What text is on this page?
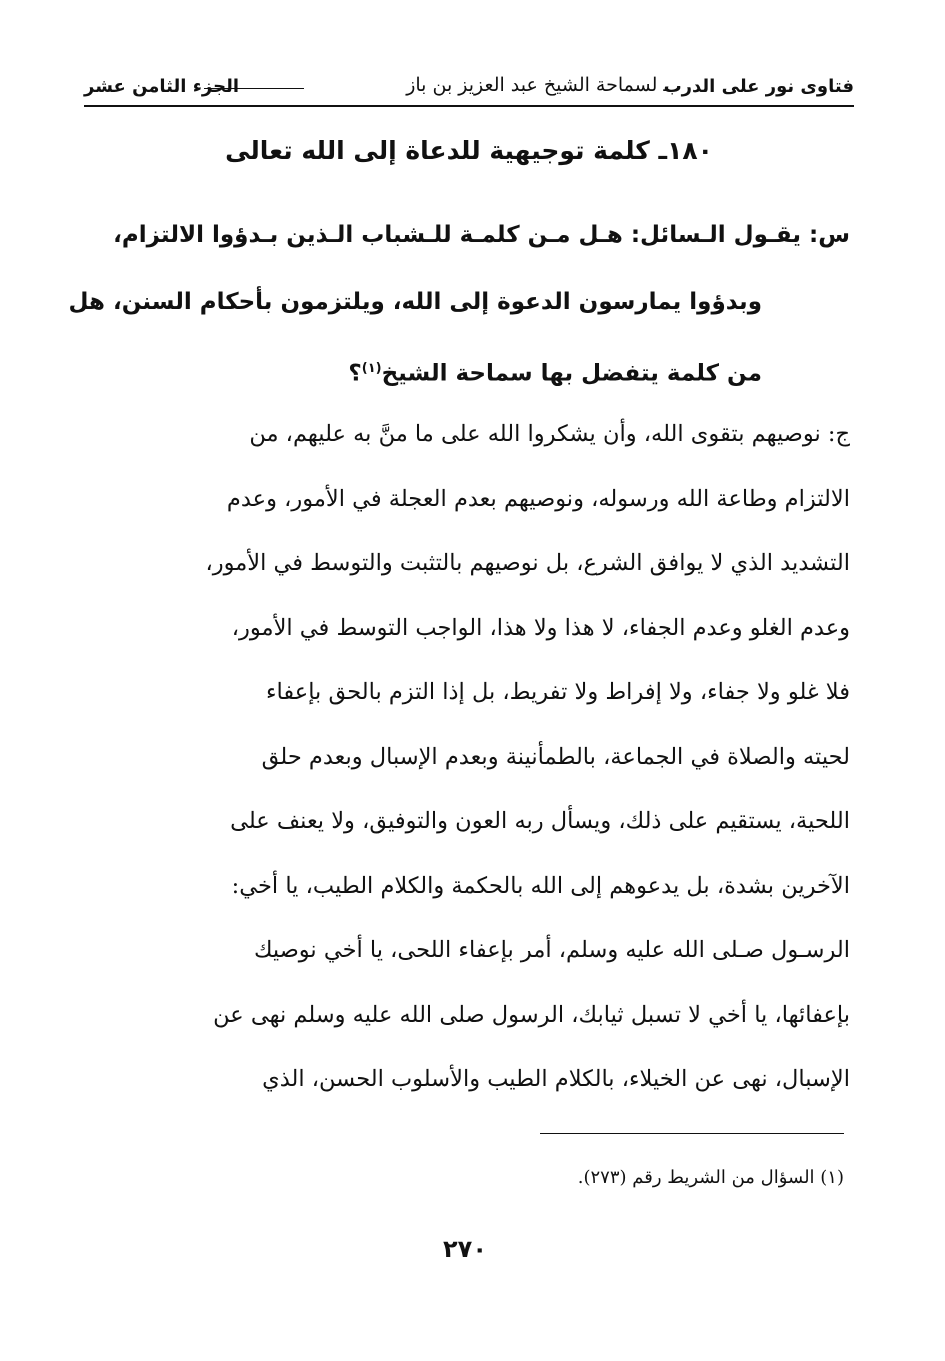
فتاوى نور على الدرب
ـ لسماحة الشيخ عبد العزيز بن باز
الجزء الثامن عشر
١٨٠ـ كلمة توجيهية للدعاة إلى الله تعالى
س: يقـول الـسائل: هـل مـن كلمـة للـشباب الـذين بـدؤوا الالتزام،
وبدؤوا يمارسون الدعوة إلى الله، ويلتزمون بأحكام السنن، هل
من كلمة يتفضل بها سماحة الشيخ$^{(١)}$؟
ج: نوصيهم بتقوى الله، وأن يشكروا الله على ما منَّ به عليهم، من
الالتزام وطاعة الله ورسوله، ونوصيهم بعدم العجلة في الأمور، وعدم
التشديد الذي لا يوافق الشرع، بل نوصيهم بالتثبت والتوسط في الأمور،
وعدم الغلو وعدم الجفاء، لا هذا ولا هذا، الواجب التوسط في الأمور،
فلا غلو ولا جفاء، ولا إفراط ولا تفريط، بل إذا التزم بالحق بإعفاء
لحيته والصلاة في الجماعة، بالطمأنينة وبعدم الإسبال وبعدم حلق
اللحية، يستقيم على ذلك، ويسأل ربه العون والتوفيق، ولا يعنف على
الآخرين بشدة، بل يدعوهم إلى الله بالحكمة والكلام الطيب، يا أخي:
الرسـول صـلى الله عليه وسلم، أمر بإعفاء اللحى، يا أخي نوصيك
بإعفائها، يا أخي لا تسبل ثيابك، الرسول صلى الله عليه وسلم نهى عن
الإسبال، نهى عن الخيلاء، بالكلام الطيب والأسلوب الحسن، الذي
(١) السؤال من الشريط رقم (٢٧٣).
٢٧٠
